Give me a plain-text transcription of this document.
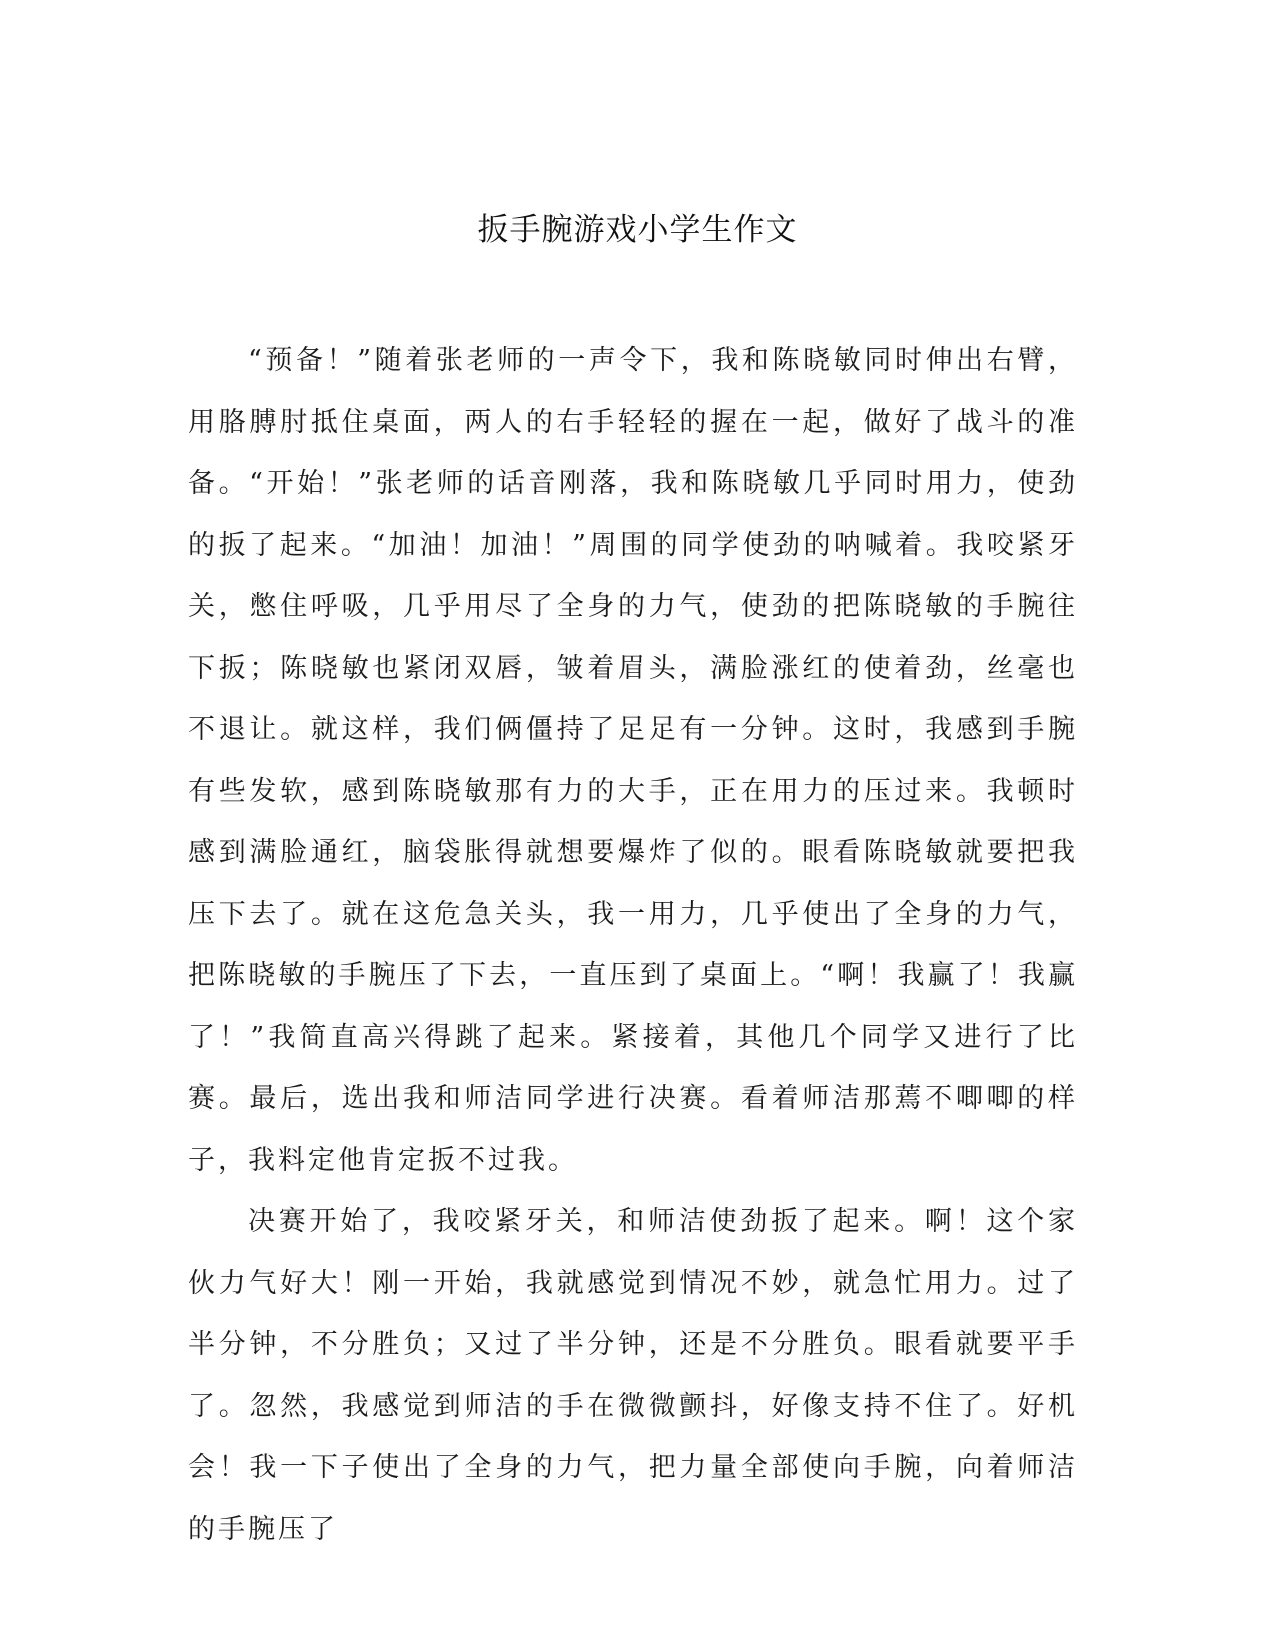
扳手腕游戏小学生作文

“预备！”随着张老师的一声令下，我和陈晓敏同时伸出右臂，用胳膊肘抵住桌面，两人的右手轻轻的握在一起，做好了战斗的准备。“开始！”张老师的话音刚落，我和陈晓敏几乎同时用力，使劲的扳了起来。“加油！加油！”周围的同学使劲的呐喊着。我咬紧牙关，憋住呼吸，几乎用尽了全身的力气，使劲的把陈晓敏的手腕往下扳；陈晓敏也紧闭双唇，皱着眉头，满脸涨红的使着劲，丝毫也不退让。就这样，我们俩僵持了足足有一分钟。这时，我感到手腕有些发软，感到陈晓敏那有力的大手，正在用力的压过来。我顿时感到满脸通红，脑袋胀得就想要爆炸了似的。眼看陈晓敏就要把我压下去了。就在这危急关头，我一用力，几乎使出了全身的力气，把陈晓敏的手腕压了下去，一直压到了桌面上。“啊！我赢了！我赢了！”我简直高兴得跳了起来。紧接着，其他几个同学又进行了比赛。最后，选出我和师洁同学进行决赛。看着师洁那蔫不唧唧的样子，我料定他肯定扳不过我。

决赛开始了，我咬紧牙关，和师洁使劲扳了起来。啊！这个家伙力气好大！刚一开始，我就感觉到情况不妙，就急忙用力。过了半分钟，不分胜负；又过了半分钟，还是不分胜负。眼看就要平手了。忽然，我感觉到师洁的手在微微颤抖，好像支持不住了。好机会！我一下子使出了全身的力气，把力量全部使向手腕，向着师洁的手腕压了
